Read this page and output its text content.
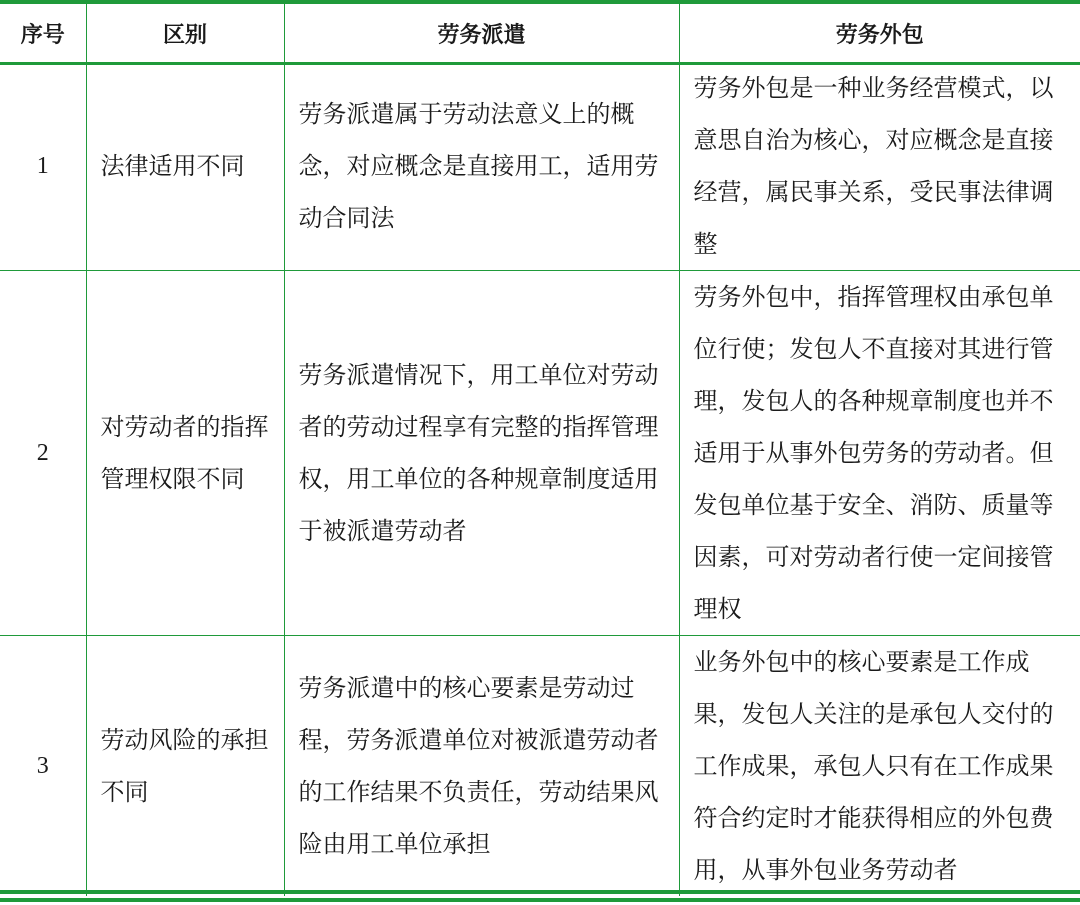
序号	区别	劳务派遣	劳务外包
1	法律适用不同	劳务派遣属于劳动法意义上的概念，对应概念是直接用工，适用劳动合同法	劳务外包是一种业务经营模式，以意思自治为核心，对应概念是直接经营，属民事关系，受民事法律调整
2	对劳动者的指挥管理权限不同	劳务派遣情况下，用工单位对劳动者的劳动过程享有完整的指挥管理权，用工单位的各种规章制度适用于被派遣劳动者	劳务外包中，指挥管理权由承包单位行使；发包人不直接对其进行管理，发包人的各种规章制度也并不适用于从事外包劳务的劳动者。但发包单位基于安全、消防、质量等因素，可对劳动者行使一定间接管理权
3	劳动风险的承担不同	劳务派遣中的核心要素是劳动过程，劳务派遣单位对被派遣劳动者的工作结果不负责任，劳动结果风险由用工单位承担	业务外包中的核心要素是工作成果，发包人关注的是承包人交付的工作成果，承包人只有在工作成果符合约定时才能获得相应的外包费用，从事外包业务劳动者
